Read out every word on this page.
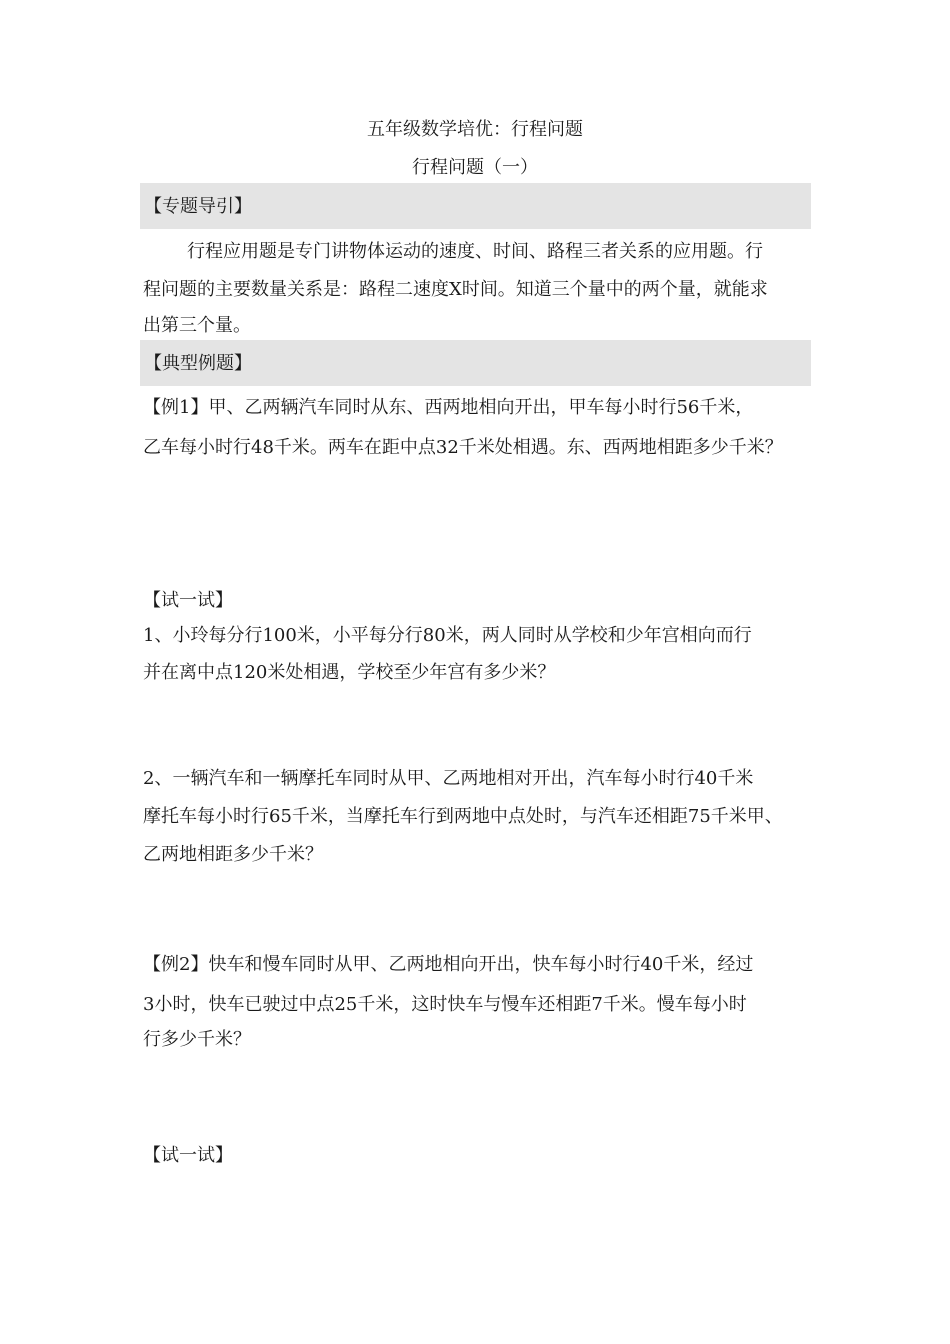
五年级数学培优：行程问题
行程问题（一）
【专题导引】
行程应用题是专门讲物体运动的速度、时间、路程三者关系的应用题。行
程问题的主要数量关系是：路程二速度X时间。知道三个量中的两个量，就能求
出第三个量。
【典型例题】
【例1】甲、乙两辆汽车同时从东、西两地相向开出，甲车每小时行56千米，
乙车每小时行48千米。两车在距中点32千米处相遇。东、西两地相距多少千米？
【试一试】
1、小玲每分行100米，小平每分行80米，两人同时从学校和少年宫相向而行
并在离中点120米处相遇，学校至少年宫有多少米？
2、一辆汽车和一辆摩托车同时从甲、乙两地相对开出，汽车每小时行40千米
摩托车每小时行65千米，当摩托车行到两地中点处时，与汽车还相距75千米甲、
乙两地相距多少千米？
【例2】快车和慢车同时从甲、乙两地相向开出，快车每小时行40千米，经过
3小时，快车已驶过中点25千米，这时快车与慢车还相距7千米。慢车每小时
行多少千米？
【试一试】
